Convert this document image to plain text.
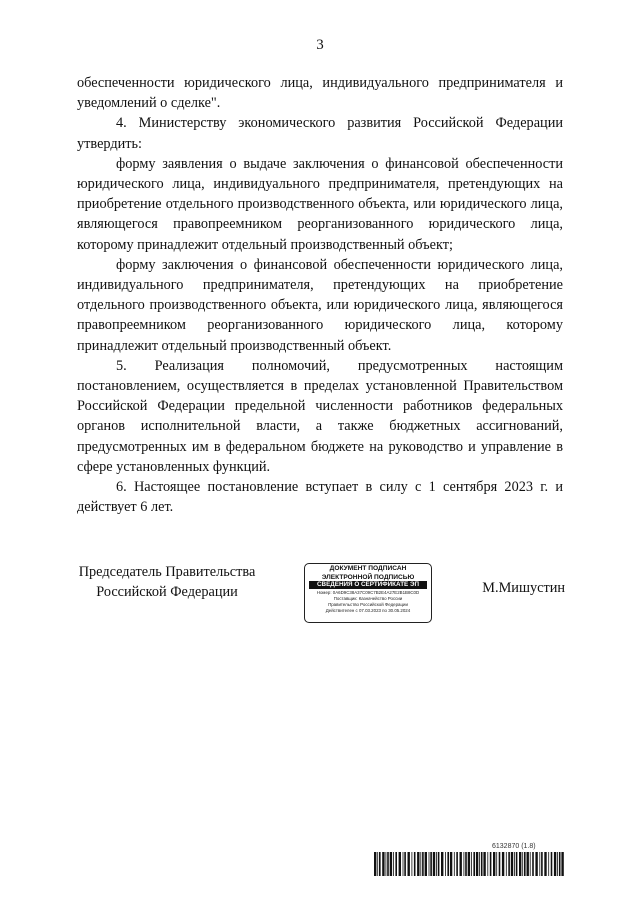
3

обеспеченности юридического лица, индивидуального предпринимателя и уведомлений о сделке".

4. Министерству экономического развития Российской Федерации утвердить:

форму заявления о выдаче заключения о финансовой обеспеченности юридического лица, индивидуального предпринимателя, претендующих на приобретение отдельного производственного объекта, или юридического лица, являющегося правопреемником реорганизованного юридического лица, которому принадлежит отдельный производственный объект;

форму заключения о финансовой обеспеченности юридического лица, индивидуального предпринимателя, претендующих на приобретение отдельного производственного объекта, или юридического лица, являющегося правопреемником реорганизованного юридического лица, которому принадлежит отдельный производственный объект.

5. Реализация полномочий, предусмотренных настоящим постановлением, осуществляется в пределах установленной Правительством Российской Федерации предельной численности работников федеральных органов исполнительной власти, а также бюджетных ассигнований, предусмотренных им в федеральном бюджете на руководство и управление в сфере установленных функций.

6. Настоящее постановление вступает в силу с 1 сентября 2023 г. и действует 6 лет.

Председатель Правительства
Российской Федерации
ДОКУМЕНТ ПОДПИСАН
ЭЛЕКТРОННОЙ ПОДПИСЬЮ
СВЕДЕНИЯ О СЕРТИФИКАТЕ ЭП
Номер: 0A6D9C38A37C09C7B2E4A27E2B1B8C0D
Поставщик: Казначейство России
Правительство Российской Федерации
Действителен с 07.03.2023 по 30.05.2024
М.Мишустин
6132870 (1.8)
